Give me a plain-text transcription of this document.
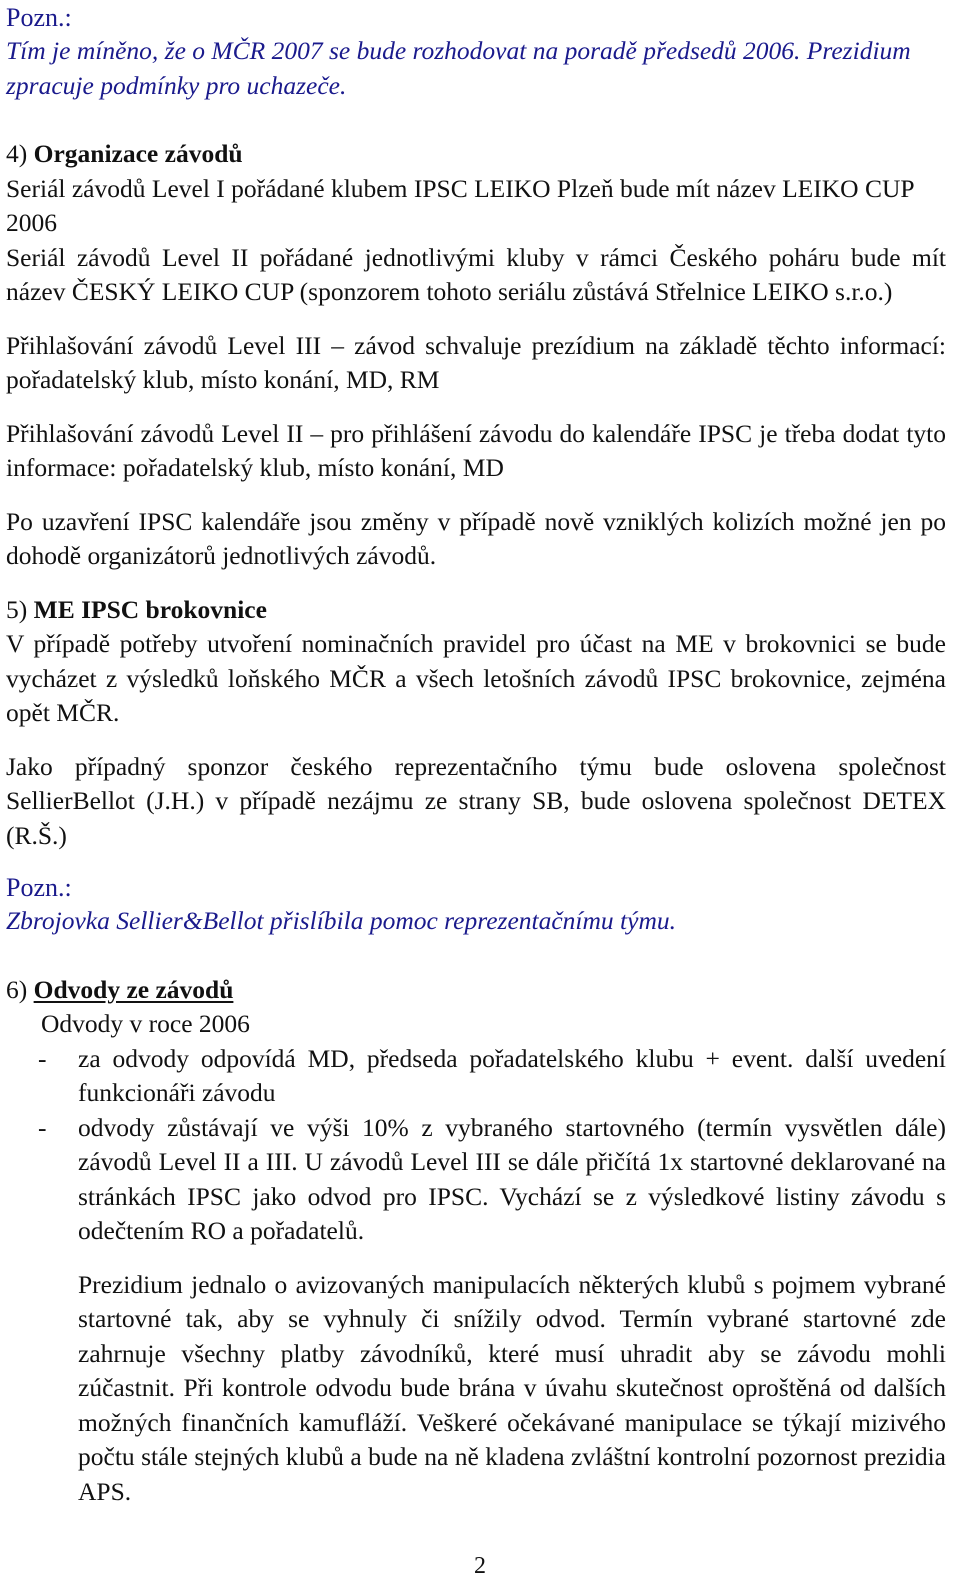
Pozn.:

Tím je míněno, že o MČR 2007 se bude rozhodovat na poradě předsedů 2006. Prezidium zpracuje podmínky pro uchazeče.

4) Organizace závodů

Seriál závodů Level I pořádané klubem IPSC LEIKO Plzeň bude mít název LEIKO CUP 2006

Seriál závodů Level II pořádané jednotlivými kluby v rámci Českého poháru bude mít název ČESKÝ LEIKO CUP (sponzorem tohoto seriálu zůstává Střelnice LEIKO s.r.o.)

Přihlašování závodů Level III – závod schvaluje prezídium na základě těchto informací: pořadatelský klub, místo konání, MD, RM

Přihlašování závodů Level II – pro přihlášení závodu do kalendáře IPSC je třeba dodat tyto informace: pořadatelský klub, místo konání, MD

Po uzavření IPSC kalendáře jsou změny v případě nově vzniklých kolizích možné jen po dohodě organizátorů jednotlivých závodů.

5) ME IPSC brokovnice

V případě potřeby utvoření nominačních pravidel pro účast na ME v brokovnici se bude vycházet z výsledků loňského MČR a všech letošních závodů IPSC brokovnice, zejména opět MČR.

Jako případný sponzor českého reprezentačního týmu bude oslovena společnost SellierBellot (J.H.) v případě nezájmu ze strany SB, bude oslovena společnost DETEX (R.Š.)

Pozn.:

Zbrojovka Sellier&Bellot přislíbila pomoc reprezentačnímu týmu.

6) Odvody ze závodů

Odvody v roce 2006

- za odvody odpovídá MD, předseda pořadatelského klubu + event. další uvedení funkcionáři závodu
- odvody zůstávají ve výši 10% z vybraného startovného (termín vysvětlen dále) závodů Level II a III. U závodů Level III se dále přičítá 1x startovné deklarované na stránkách IPSC jako odvod pro IPSC. Vychází se z výsledkové listiny závodu s odečtením RO a pořadatelů.

Prezidium jednalo o avizovaných manipulacích některých klubů s pojmem vybrané startovné tak, aby se vyhnuly či snížily odvod. Termín vybrané startovné zde zahrnuje všechny platby závodníků, které musí uhradit aby se závodu mohli zúčastnit. Při kontrole odvodu bude brána v úvahu skutečnost oproštěná od dalších možných finančních kamufláží. Veškeré očekávané manipulace se týkají mizivého počtu stále stejných klubů a bude na ně kladena zvláštní kontrolní pozornost prezidia APS.

2
